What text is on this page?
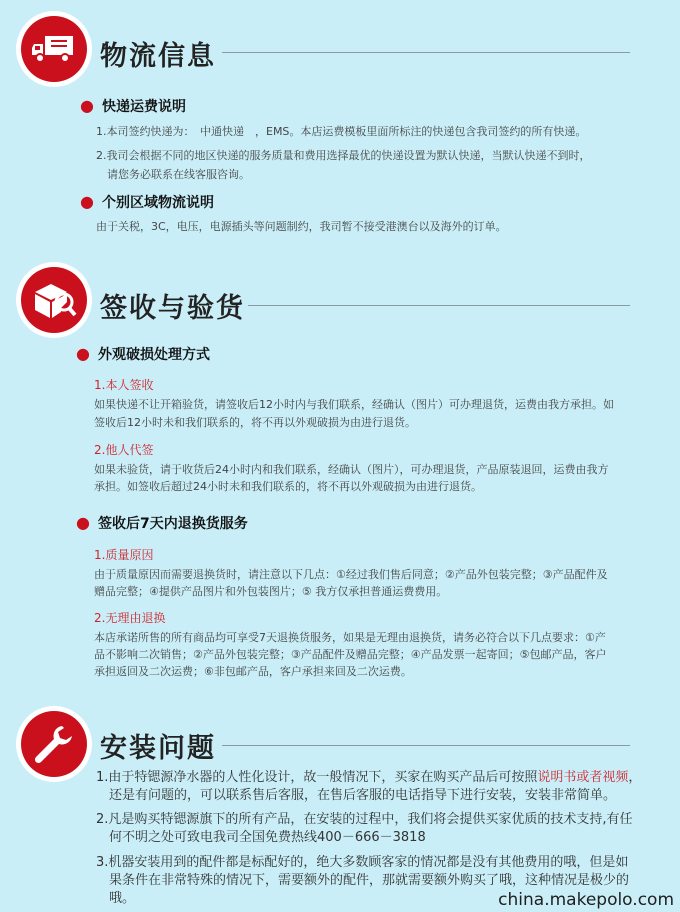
物流信息
● 快递运费说明
1.本司签约快递为：　中通快递　，EMS。本店运费模板里面所标注的快递包含我司签约的所有快递。
2.我司会根据不同的地区快递的服务质量和费用选择最优的快递设置为默认快递，当默认快递不到时，
　请您务必联系在线客服咨询。
● 个别区域物流说明
由于关税，3C，电压，电源插头等问题制约，我司暂不接受港澳台以及海外的订单。
签收与验货
● 外观破损处理方式
1.本人签收
如果快递不让开箱验货，请签收后12小时内与我们联系，经确认（图片）可办理退货，运费由我方承担。如
签收后12小时未和我们联系的，将不再以外观破损为由进行退货。
2.他人代签
如果未验货，请于收货后24小时内和我们联系，经确认（图片），可办理退货，产品原装退回，运费由我方
承担。如签收后超过24小时未和我们联系的，将不再以外观破损为由进行退货。
● 签收后7天内退换货服务
1.质量原因
由于质量原因而需要退换货时，请注意以下几点：①经过我们售后同意；②产品外包装完整；③产品配件及
赠品完整；④提供产品图片和外包装图片；⑤ 我方仅承担普通运费费用。
2.无理由退换
本店承诺所售的所有商品均可享受7天退换货服务，如果是无理由退换货，请务必符合以下几点要求：①产
品不影响二次销售；②产品外包装完整；③产品配件及赠品完整；④产品发票一起寄回；⑤包邮产品，客户
承担返回及二次运费；⑥非包邮产品，客户承担来回及二次运费。
安装问题
1.由于特锶源净水器的人性化设计，故一般情况下，买家在购买产品后可按照说明书或者视频，
　还是有问题的，可以联系售后客服，在售后客服的电话指导下进行安装，安装非常简单。
2.凡是购买特锶源旗下的所有产品，在安装的过程中，我们将会提供买家优质的技术支持,有任
　何不明之处可致电我司全国免费热线400－666－3818
3.机器安装用到的配件都是标配好的，绝大多数顾客家的情况都是没有其他费用的哦，但是如
　果条件在非常特殊的情况下，需要额外的配件，那就需要额外购买了哦，这种情况是极少的
　哦。	china.makepolo.com
